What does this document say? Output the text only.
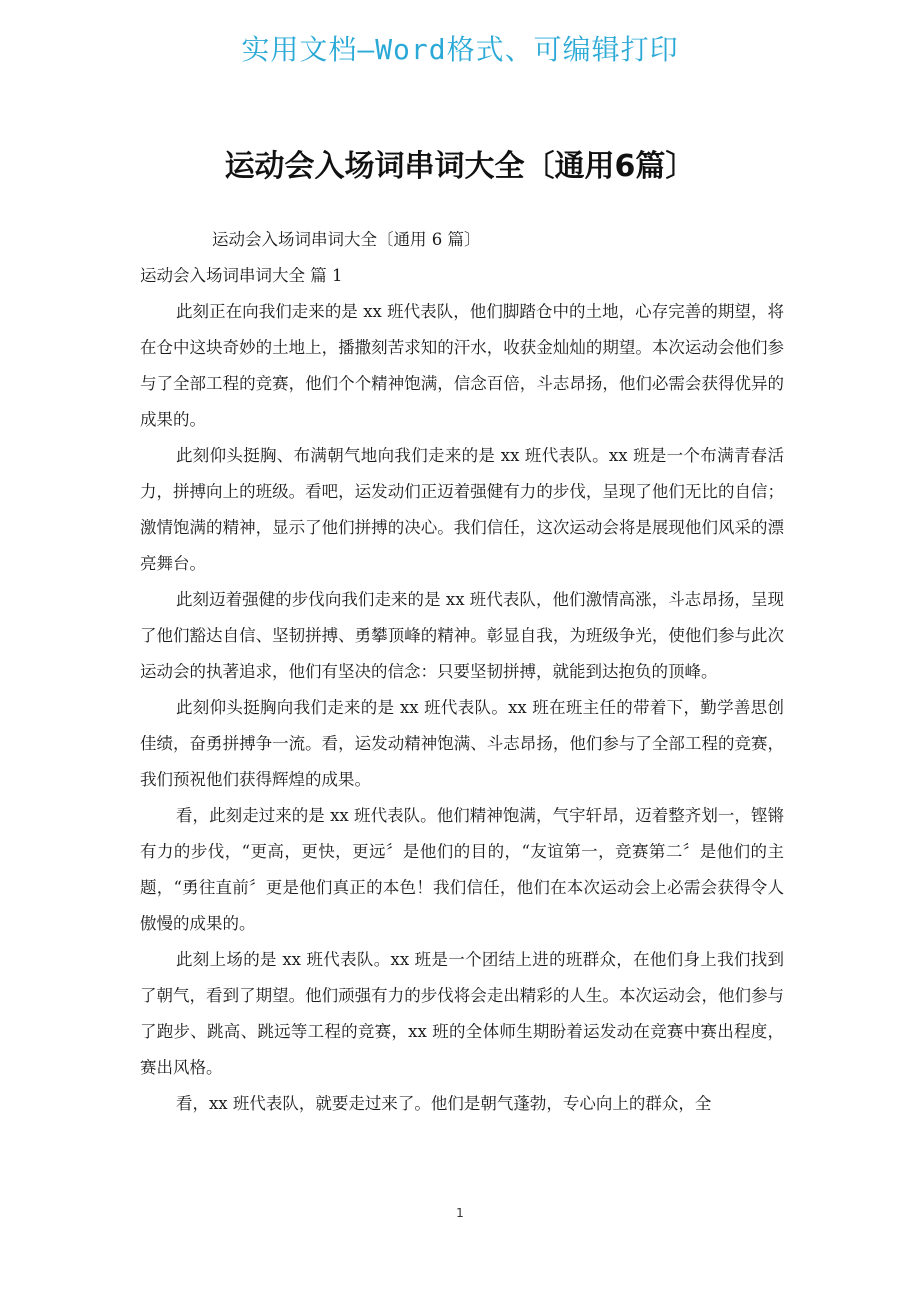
实用文档—Word格式、可编辑打印
运动会入场词串词大全〔通用6篇〕

运动会入场词串词大全〔通用 6 篇〕

运动会入场词串词大全 篇 1

此刻正在向我们走来的是 xx 班代表队，他们脚踏仓中的土地，心存完善的期望，将在仓中这块奇妙的土地上，播撒刻苦求知的汗水，收获金灿灿的期望。本次运动会他们参与了全部工程的竞赛，他们个个精神饱满，信念百倍，斗志昂扬，他们必需会获得优异的成果的。

此刻仰头挺胸、布满朝气地向我们走来的是 xx 班代表队。xx 班是一个布满青春活力，拼搏向上的班级。看吧，运发动们正迈着强健有力的步伐，呈现了他们无比的自信；激情饱满的精神，显示了他们拼搏的决心。我们信任，这次运动会将是展现他们风采的漂亮舞台。

此刻迈着强健的步伐向我们走来的是 xx 班代表队，他们激情高涨，斗志昂扬，呈现了他们豁达自信、坚韧拼搏、勇攀顶峰的精神。彰显自我，为班级争光，使他们参与此次运动会的执著追求，他们有坚决的信念：只要坚韧拼搏，就能到达抱负的顶峰。

此刻仰头挺胸向我们走来的是 xx 班代表队。xx 班在班主任的带着下，勤学善思创佳绩，奋勇拼搏争一流。看，运发动精神饱满、斗志昂扬，他们参与了全部工程的竞赛，我们预祝他们获得辉煌的成果。

看，此刻走过来的是 xx 班代表队。他们精神饱满，气宇轩昂，迈着整齐划一，铿锵有力的步伐，“更高，更快，更远〞是他们的目的，“友谊第一，竞赛第二〞是他们的主题，“勇往直前〞更是他们真正的本色！我们信任，他们在本次运动会上必需会获得令人傲慢的成果的。

此刻上场的是 xx 班代表队。xx 班是一个团结上进的班群众，在他们身上我们找到了朝气，看到了期望。他们顽强有力的步伐将会走出精彩的人生。本次运动会，他们参与了跑步、跳高、跳远等工程的竞赛，xx 班的全体师生期盼着运发动在竞赛中赛出程度，赛出风格。

看，xx 班代表队，就要走过来了。他们是朝气蓬勃，专心向上的群众，全

1
